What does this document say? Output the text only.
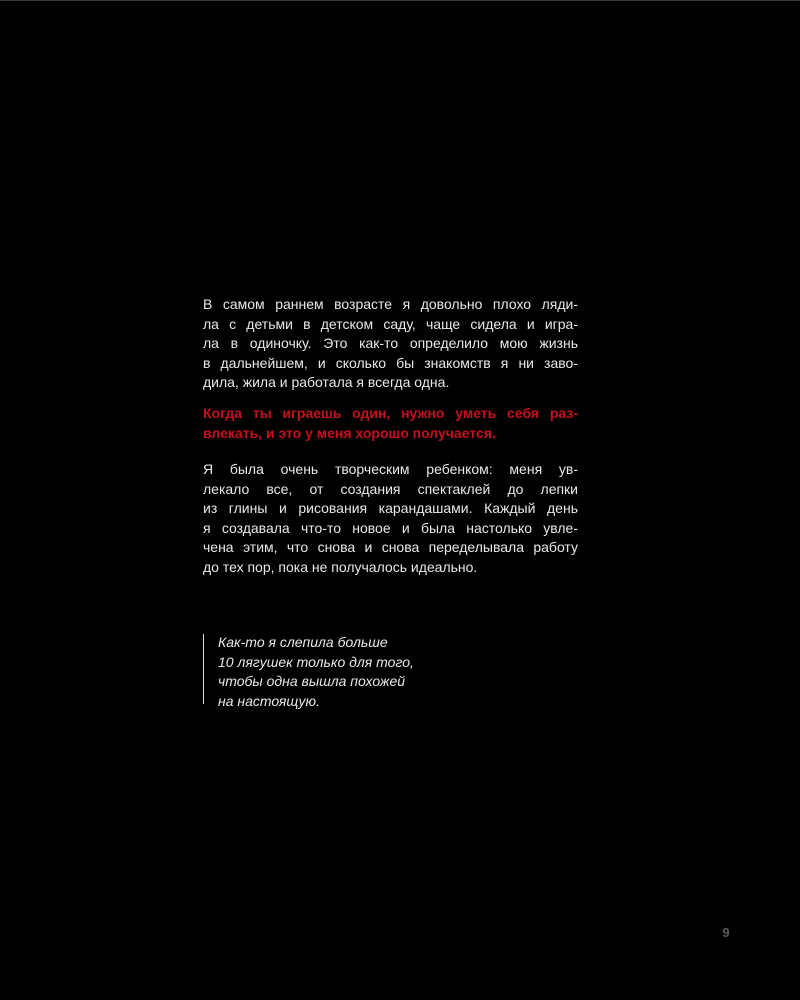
В самом раннем возрасте я довольно плохо ляди-
ла с детьми в детском саду, чаще сидела и игра-
ла в одиночку. Это как-то определило мою жизнь
в дальнейшем, и сколько бы знакомств я ни заво-
дила, жила и работала я всегда одна.
Когда ты играешь один, нужно уметь себя раз-
влекать, и это у меня хорошо получается.
Я была очень творческим ребенком: меня ув-
лекало все, от создания спектаклей до лепки
из глины и рисования карандашами. Каждый день
я создавала что-то новое и была настолько увле-
чена этим, что снова и снова переделывала работу
до тех пор, пока не получалось идеально.
Как-то я слепила больше
10 лягушек только для того,
чтобы одна вышла похожей
на настоящую.
9
